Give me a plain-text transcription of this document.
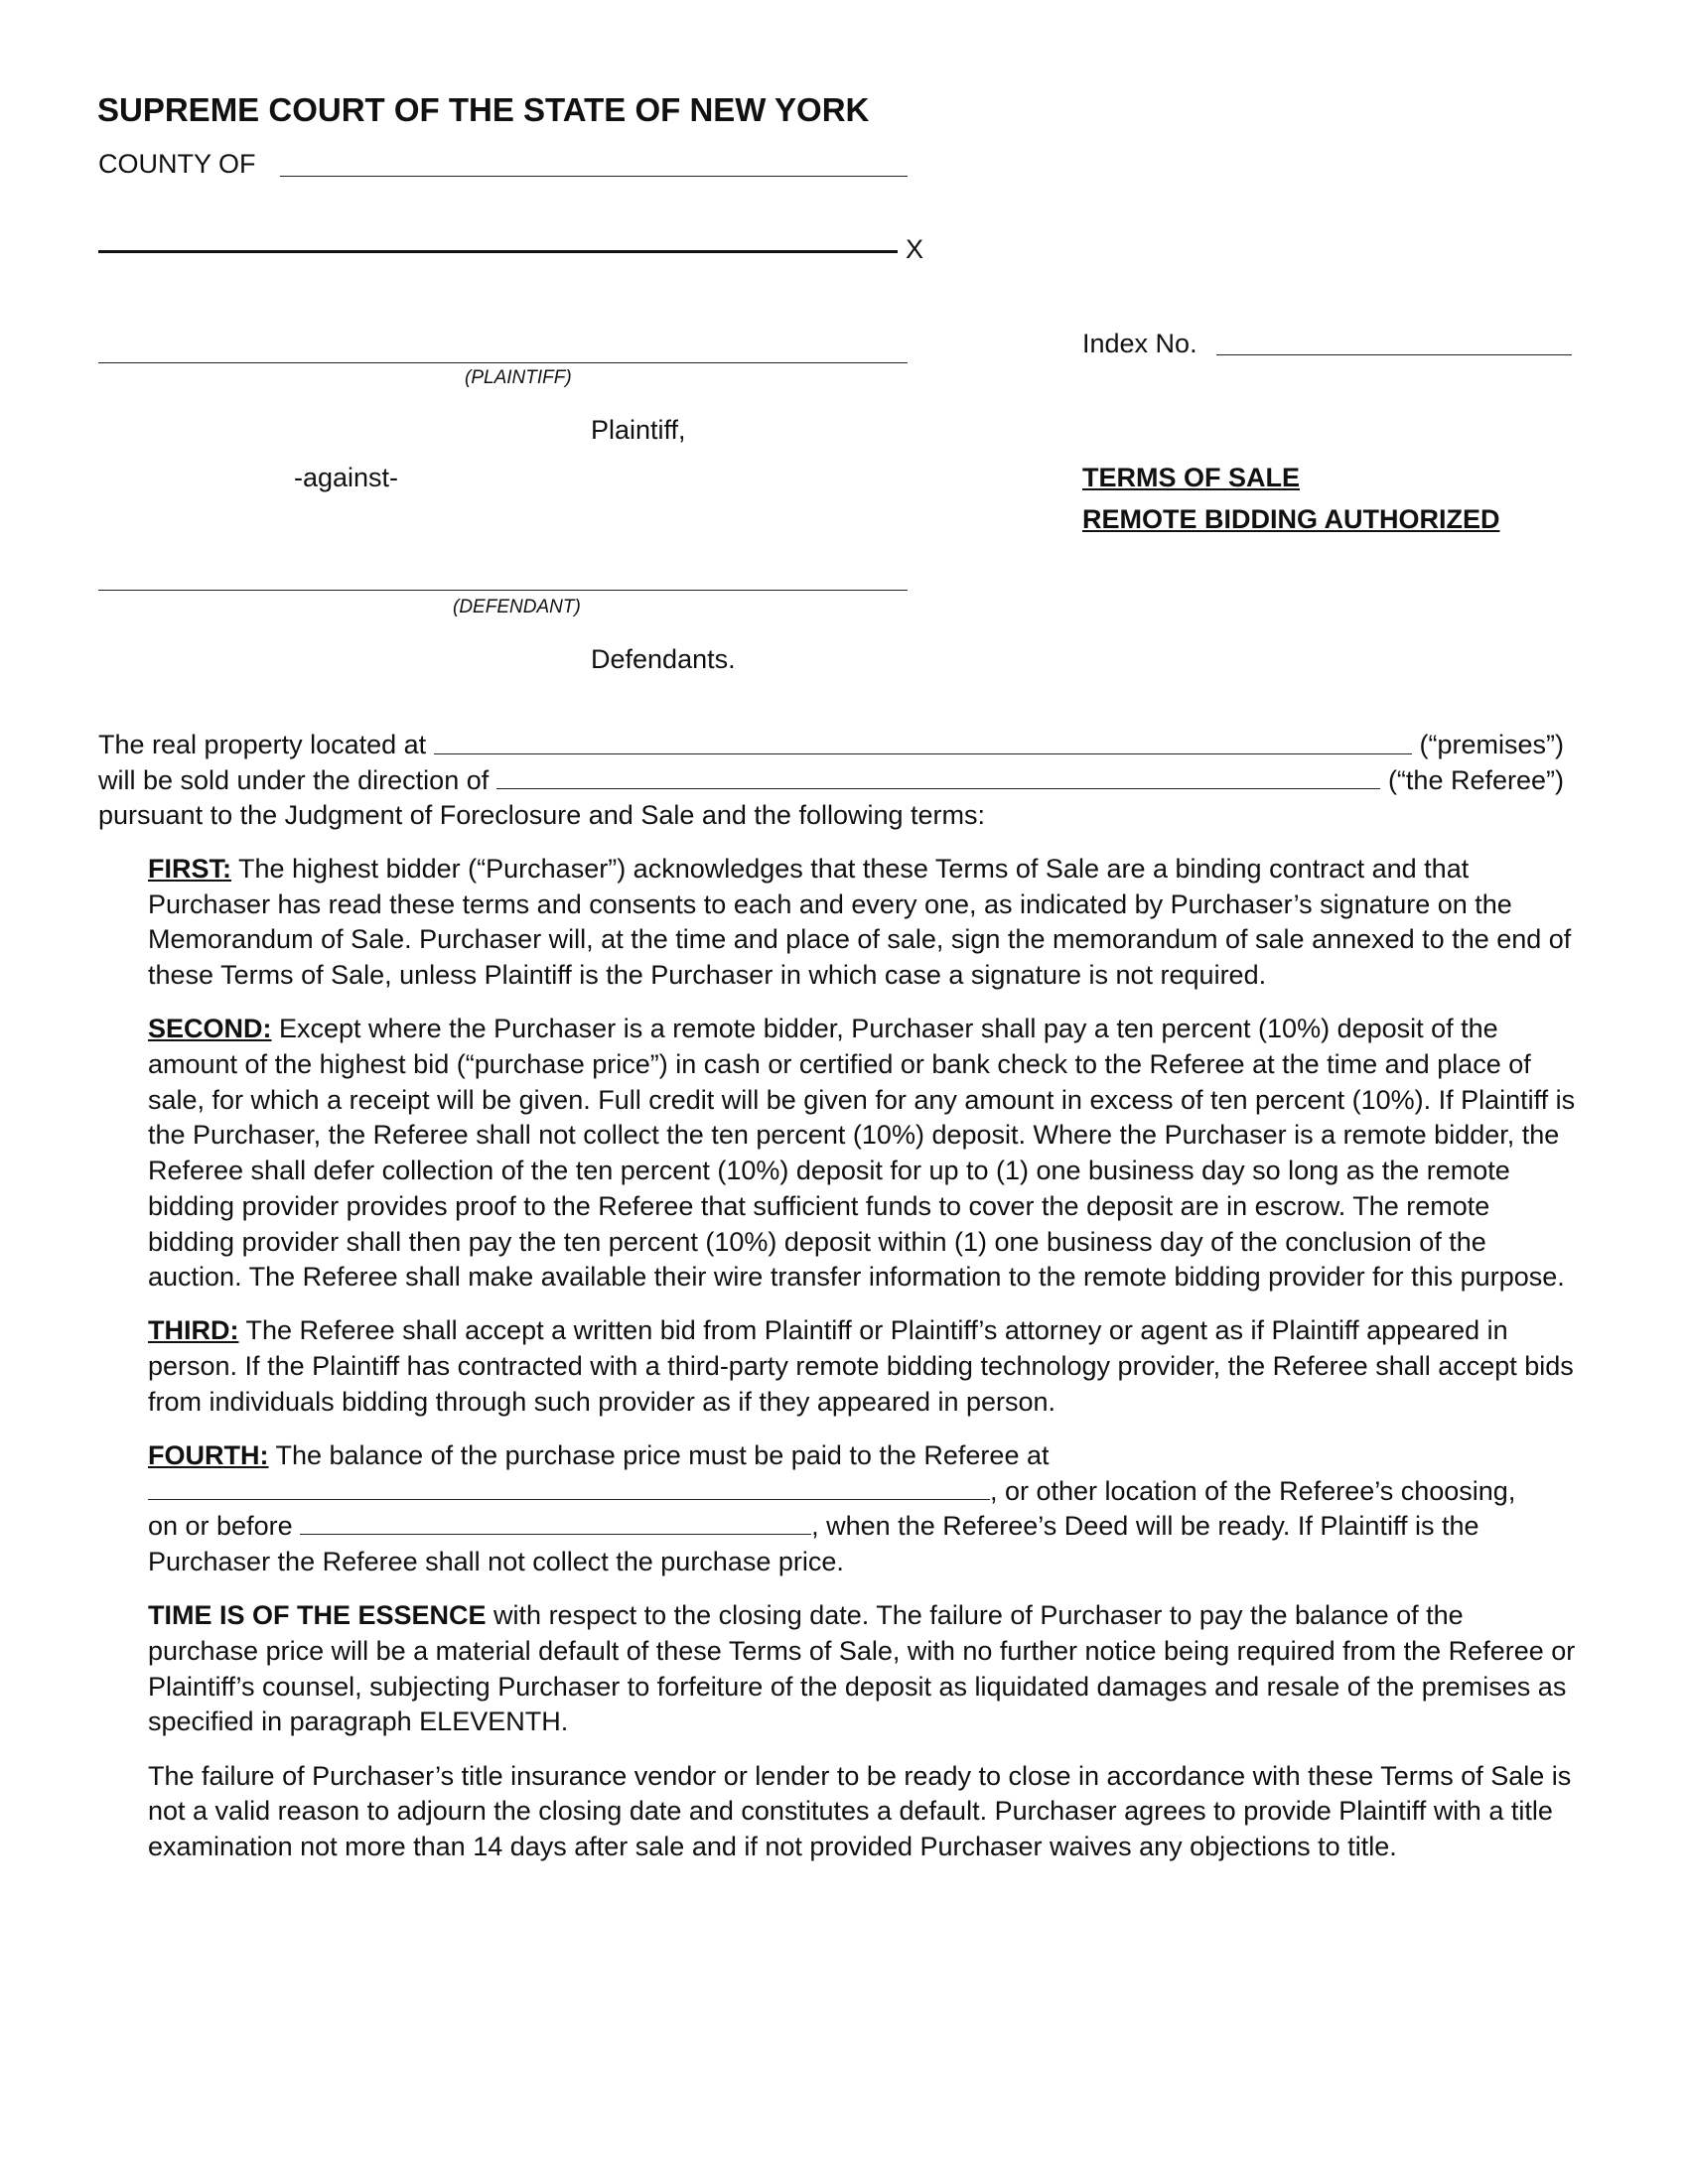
SUPREME COURT OF THE STATE OF NEW YORK
COUNTY OF
X
(PLAINTIFF)
Index No.
Plaintiff,
-against-	TERMS OF SALE
REMOTE BIDDING AUTHORIZED
(DEFENDANT)
Defendants.
The real property located at	(“premises”)
will be sold under the direction of	(“the Referee”)
pursuant to the Judgment of Foreclosure and Sale and the following terms:

FIRST: The highest bidder (“Purchaser”) acknowledges that these Terms of Sale are a binding contract and that Purchaser has read these terms and consents to each and every one, as indicated by Purchaser’s signature on the Memorandum of Sale. Purchaser will, at the time and place of sale, sign the memorandum of sale annexed to the end of these Terms of Sale, unless Plaintiff is the Purchaser in which case a signature is not required.

SECOND: Except where the Purchaser is a remote bidder, Purchaser shall pay a ten percent (10%) deposit of the amount of the highest bid (“purchase price”) in cash or certified or bank check to the Referee at the time and place of sale, for which a receipt will be given. Full credit will be given for any amount in excess of ten percent (10%). If Plaintiff is the Purchaser, the Referee shall not collect the ten percent (10%) deposit. Where the Purchaser is a remote bidder, the Referee shall defer collection of the ten percent (10%) deposit for up to (1) one business day so long as the remote bidding provider provides proof to the Referee that sufficient funds to cover the deposit are in escrow. The remote bidding provider shall then pay the ten percent (10%) deposit within (1) one business day of the conclusion of the auction. The Referee shall make available their wire transfer information to the remote bidding provider for this purpose.

THIRD: The Referee shall accept a written bid from Plaintiff or Plaintiff’s attorney or agent as if Plaintiff appeared in person. If the Plaintiff has contracted with a third-party remote bidding technology provider, the Referee shall accept bids from individuals bidding through such provider as if they appeared in person.

FOURTH: The balance of the purchase price must be paid to the Referee at
, or other location of the Referee’s choosing,
on or before	, when the Referee’s Deed will be ready. If Plaintiff is the Purchaser the Referee shall not collect the purchase price.

TIME IS OF THE ESSENCE with respect to the closing date. The failure of Purchaser to pay the balance of the purchase price will be a material default of these Terms of Sale, with no further notice being required from the Referee or Plaintiff’s counsel, subjecting Purchaser to forfeiture of the deposit as liquidated damages and resale of the premises as specified in paragraph ELEVENTH.

The failure of Purchaser’s title insurance vendor or lender to be ready to close in accordance with these Terms of Sale is not a valid reason to adjourn the closing date and constitutes a default. Purchaser agrees to provide Plaintiff with a title examination not more than 14 days after sale and if not provided Purchaser waives any objections to title.
